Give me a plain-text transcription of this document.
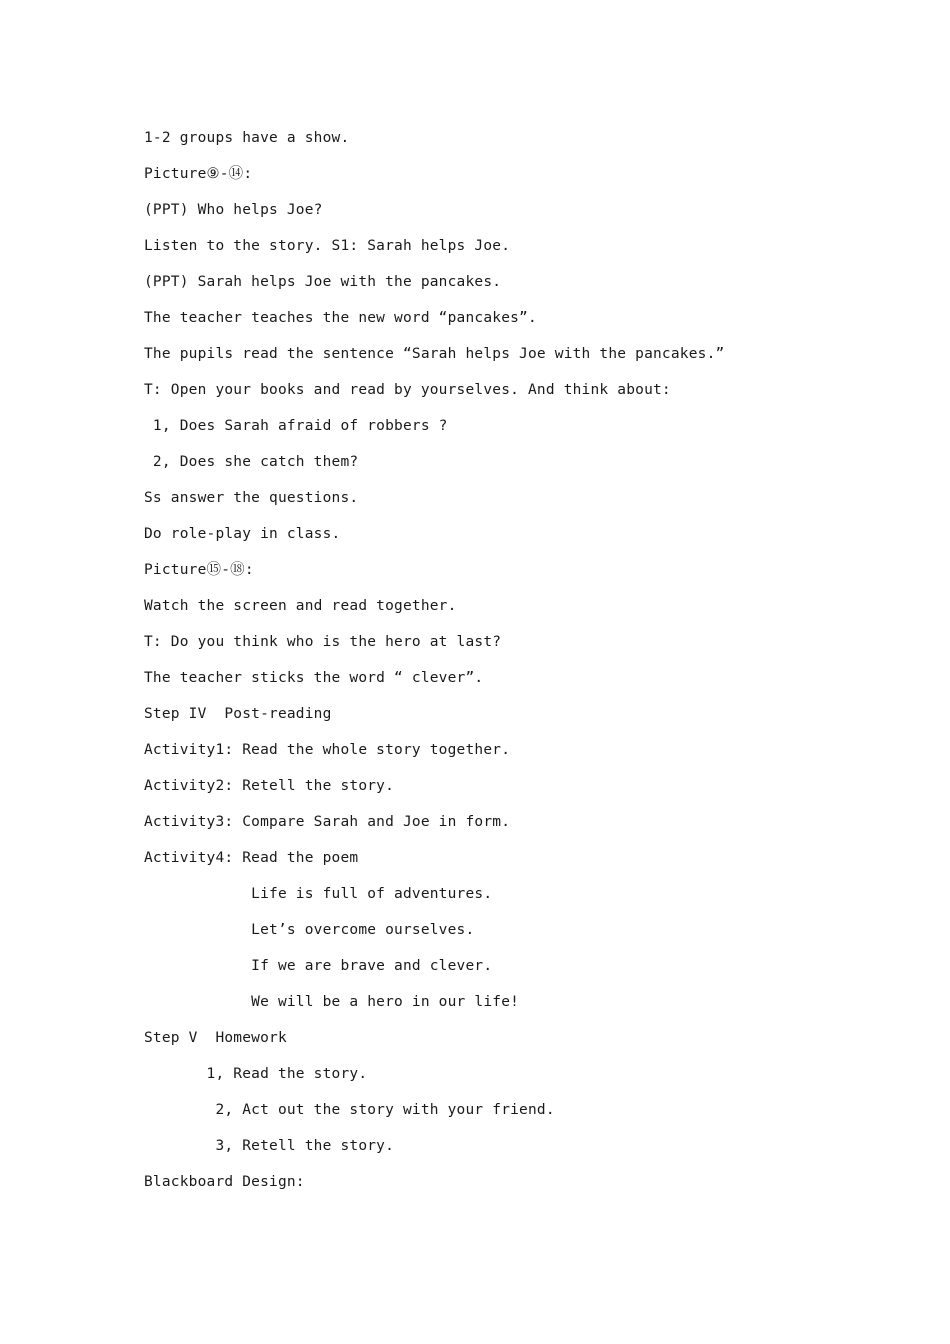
1-2 groups have a show.
Picture⑨-⑭:
(PPT) Who helps Joe?
Listen to the story. S1: Sarah helps Joe.
(PPT) Sarah helps Joe with the pancakes.
The teacher teaches the new word “pancakes”.
The pupils read the sentence “Sarah helps Joe with the pancakes.”
T: Open your books and read by yourselves. And think about:
1, Does Sarah afraid of robbers ?
2, Does she catch them?
Ss answer the questions.
Do role-play in class.
Picture⑮-⑱:
Watch the screen and read together.
T: Do you think who is the hero at last?
The teacher sticks the word “ clever”.
Step IV  Post-reading
Activity1: Read the whole story together.
Activity2: Retell the story.
Activity3: Compare Sarah and Joe in form.
Activity4: Read the poem
Life is full of adventures.
Let’s overcome ourselves.
If we are brave and clever.
We will be a hero in our life!
Step V  Homework
1, Read the story.
2, Act out the story with your friend.
3, Retell the story.
Blackboard Design:
